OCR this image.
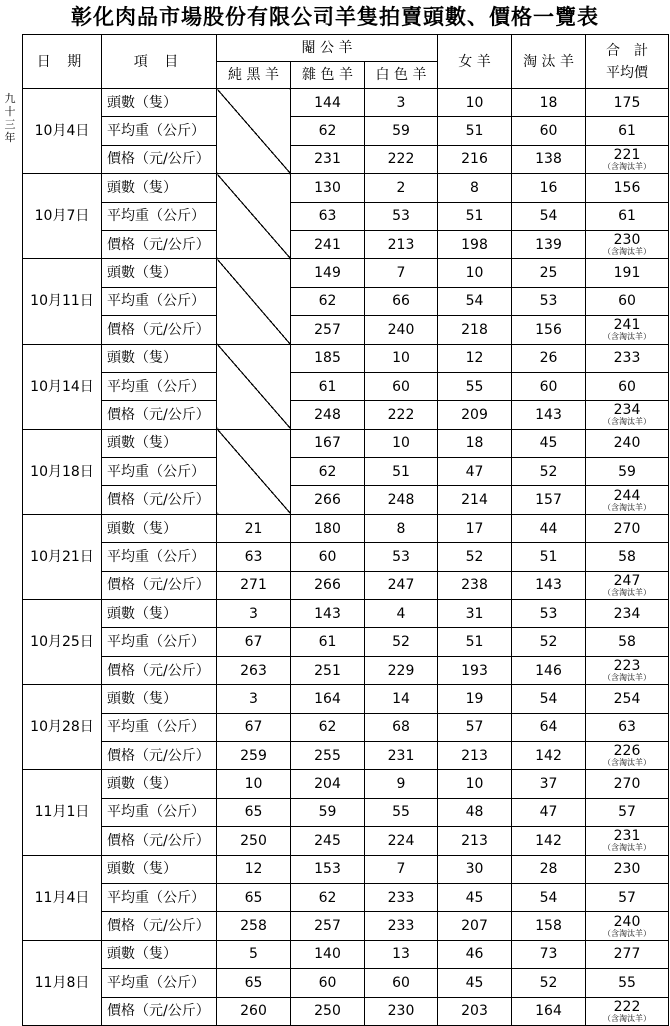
彰化肉品市場股份有限公司羊隻拍賣頭數、價格一覽表
九
十
三
年
日 期	項 目	閹 公 羊			女 羊	淘 汰 羊	合　計
平均價

		純 黑 羊	雜 色 羊	白 色 羊			
10月4日	頭數（隻）		144	3	10	18	175
	平均重（公斤）		62	59	51	60	61
	價格（元/公斤）		231	222	216	138	221
（含淘汰羊）

10月7日	頭數（隻）		130	2	8	16	156
	平均重（公斤）		63	53	51	54	61
	價格（元/公斤）		241	213	198	139	230
（含淘汰羊）

10月11日	頭數（隻）		149	7	10	25	191
	平均重（公斤）		62	66	54	53	60
	價格（元/公斤）		257	240	218	156	241
（含淘汰羊）

10月14日	頭數（隻）		185	10	12	26	233
	平均重（公斤）		61	60	55	60	60
	價格（元/公斤）		248	222	209	143	234
（含淘汰羊）

10月18日	頭數（隻）		167	10	18	45	240
	平均重（公斤）		62	51	47	52	59
	價格（元/公斤）		266	248	214	157	244
（含淘汰羊）

10月21日	頭數（隻）	21	180	8	17	44	270
	平均重（公斤）	63	60	53	52	51	58
	價格（元/公斤）	271	266	247	238	143	247
（含淘汰羊）

10月25日	頭數（隻）	3	143	4	31	53	234
	平均重（公斤）	67	61	52	51	52	58
	價格（元/公斤）	263	251	229	193	146	223
（含淘汰羊）

10月28日	頭數（隻）	3	164	14	19	54	254
	平均重（公斤）	67	62	68	57	64	63
	價格（元/公斤）	259	255	231	213	142	226
（含淘汰羊）

11月1日	頭數（隻）	10	204	9	10	37	270
	平均重（公斤）	65	59	55	48	47	57
	價格（元/公斤）	250	245	224	213	142	231
（含淘汰羊）

11月4日	頭數（隻）	12	153	7	30	28	230
	平均重（公斤）	65	62	233	45	54	57
	價格（元/公斤）	258	257	233	207	158	240
（含淘汰羊）

11月8日	頭數（隻）	5	140	13	46	73	277
	平均重（公斤）	65	60	60	45	52	55
	價格（元/公斤）	260	250	230	203	164	222
（含淘汰羊）
